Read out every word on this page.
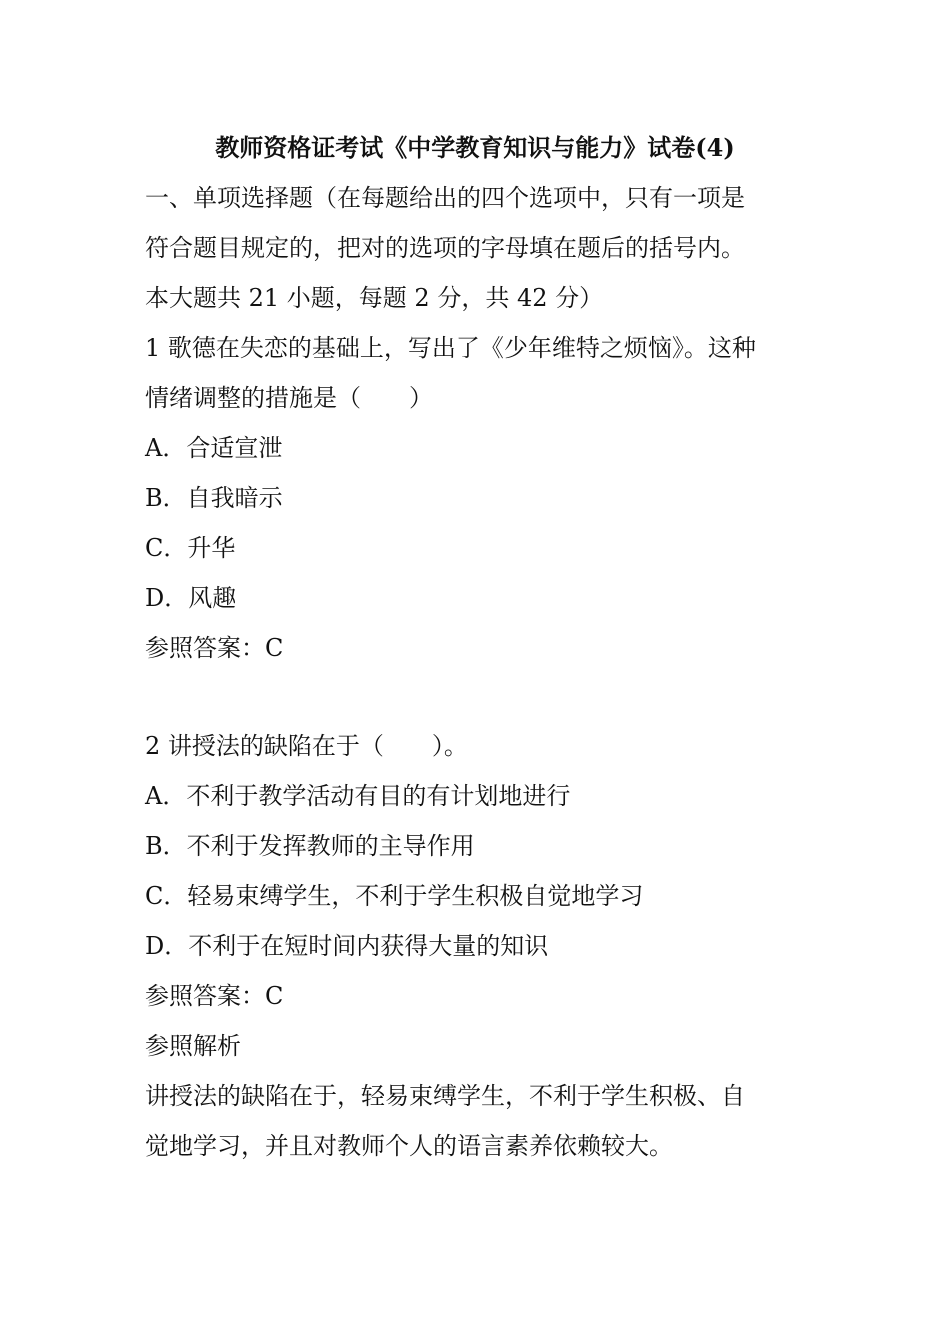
教师资格证考试《中学教育知识与能力》试卷(4)
一、单项选择题（在每题给出的四个选项中，只有一项是
符合题目规定的，把对的选项的字母填在题后的括号内。
本大题共 21 小题，每题 2 分，共 42 分）
1 歌德在失恋的基础上，写出了《少年维特之烦恼》。这种
情绪调整的措施是（　　）
A．合适宣泄
B．自我暗示
C．升华
D．风趣
参照答案：C
2 讲授法的缺陷在于（　　）。
A．不利于教学活动有目的有计划地进行
B．不利于发挥教师的主导作用
C．轻易束缚学生，不利于学生积极自觉地学习
D．不利于在短时间内获得大量的知识
参照答案：C
参照解析
讲授法的缺陷在于，轻易束缚学生，不利于学生积极、自
觉地学习，并且对教师个人的语言素养依赖较大。
